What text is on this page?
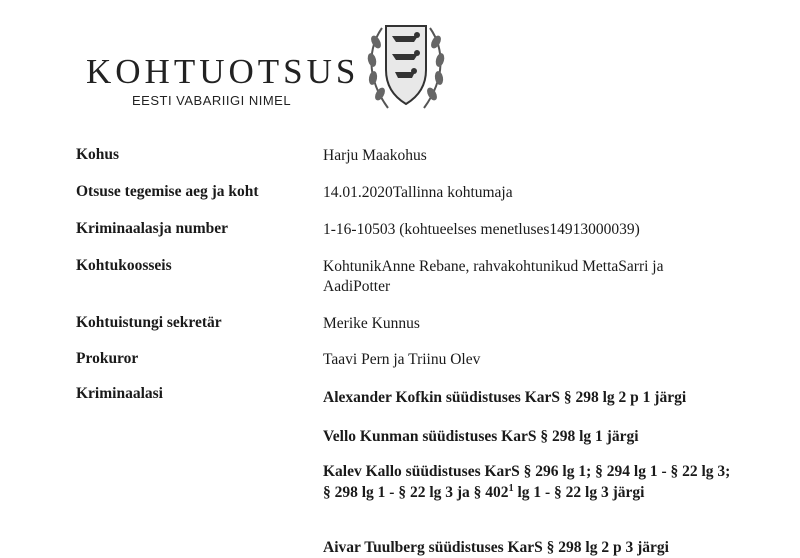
KOHTUOTSUS
EESTI VABARIIGI NIMEL
Kohus	Harju Maakohus
Otsuse tegemise aeg ja koht	14.01.2020Tallinna kohtumaja
Kriminaalasja number	1-16-10503 (kohtueelses menetluses14913000039)
Kohtukoosseis	KohtunikAnne Rebane, rahvakohtunikud MettaSarri ja AadiPotter
Kohtuistungi sekretär	Merike Kunnus
Prokuror	Taavi Pern ja Triinu Olev
Kriminaalasi	Alexander Kofkin süüdistuses KarS § 298 lg 2 p 1 järgi
Vello Kunman süüdistuses KarS § 298 lg 1 järgi
Kalev Kallo süüdistuses KarS § 296 lg 1; § 294 lg 1 - § 22 lg 3; § 298 lg 1 - § 22 lg 3 ja § $402^1$ lg 1 - § 22 lg 3 järgi
Aivar Tuulberg süüdistuses KarS § 298 lg 2 p 3 järgi
